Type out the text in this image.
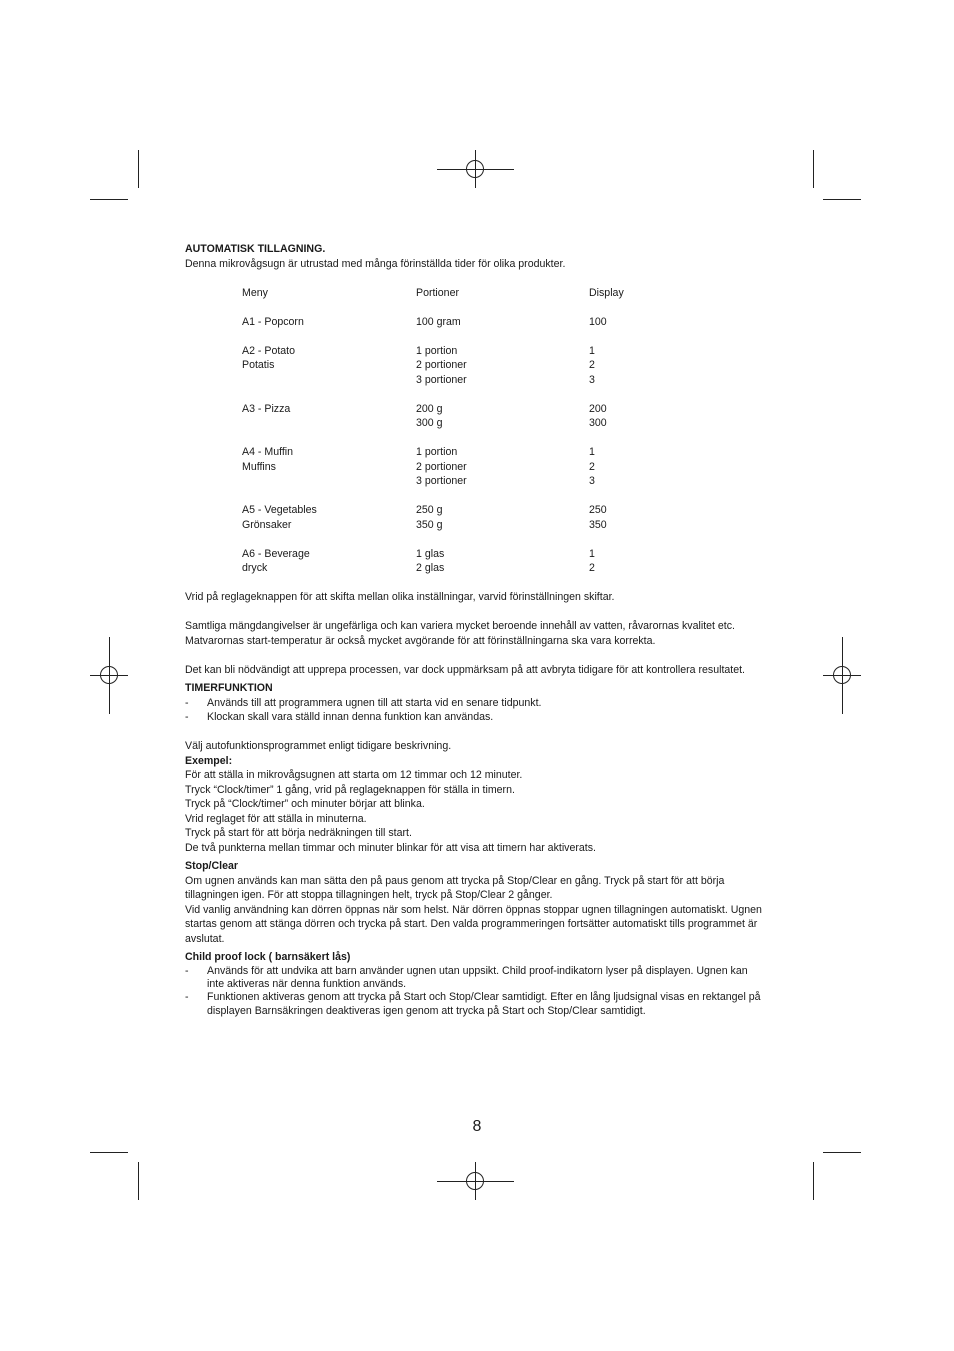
AUTOMATISK TILLAGNING.

Denna mikrovågsugn är utrustad med många förinställda tider för olika produkter.

Meny	Portioner	Display

A1 - Popcorn	100 gram	100

A2 - Potato	1 portion	1
Potatis	2 portioner	2
	3 portioner	3

A3 - Pizza	200 g	200
	300 g	300

A4 - Muffin	1 portion	1
Muffins	2 portioner	2
	3 portioner	3

A5 - Vegetables	250 g	250
Grönsaker	350 g	350

A6 - Beverage	1 glas	1
dryck	2 glas	2

Vrid på reglageknappen för att skifta mellan olika inställningar, varvid förinställningen skiftar.

Samtliga mängdangivelser är ungefärliga och kan variera mycket beroende innehåll av vatten, råvarornas kvalitet etc. Matvarornas start-temperatur är också mycket avgörande för att förinställningarna ska vara korrekta.

Det kan bli nödvändigt att upprepa processen, var dock uppmärksam på att avbryta tidigare för att kontrollera resultatet.

TIMERFUNKTION

-	Används till att programmera ugnen till att starta vid en senare tidpunkt.
-	Klockan skall vara ställd innan denna funktion kan användas.

Välj autofunktionsprogrammet enligt tidigare beskrivning.

Exempel:

För att ställa in mikrovågsugnen att starta om 12 timmar och 12 minuter.

Tryck “Clock/timer” 1 gång, vrid på reglageknappen för ställa in timern.

Tryck på “Clock/timer” och minuter börjar att blinka.

Vrid reglaget för att ställa in minuterna.

Tryck på start för att börja nedräkningen till start.

De två punkterna mellan timmar och minuter blinkar för att visa att timern har aktiverats.

Stop/Clear

Om ugnen används kan man sätta den på paus genom att trycka på Stop/Clear en gång. Tryck på start för att börja tillagningen igen. För att stoppa tillagningen helt, tryck på Stop/Clear 2 gånger.

Vid vanlig användning kan dörren öppnas när som helst. När dörren öppnas stoppar ugnen tillagningen automatiskt. Ugnen startas genom att stänga dörren och trycka på start. Den valda programmeringen fortsätter automatiskt tills programmet är avslutat.

Child proof lock ( barnsäkert lås)

-	Används för att undvika att barn använder ugnen utan uppsikt. Child proof-indikatorn lyser på displayen. Ugnen kan inte aktiveras när denna funktion används.
-	Funktionen aktiveras genom att trycka på Start och Stop/Clear samtidigt. Efter en lång ljudsignal visas en rektangel på displayen Barnsäkringen deaktiveras igen genom att trycka på Start och Stop/Clear samtidigt.
8
